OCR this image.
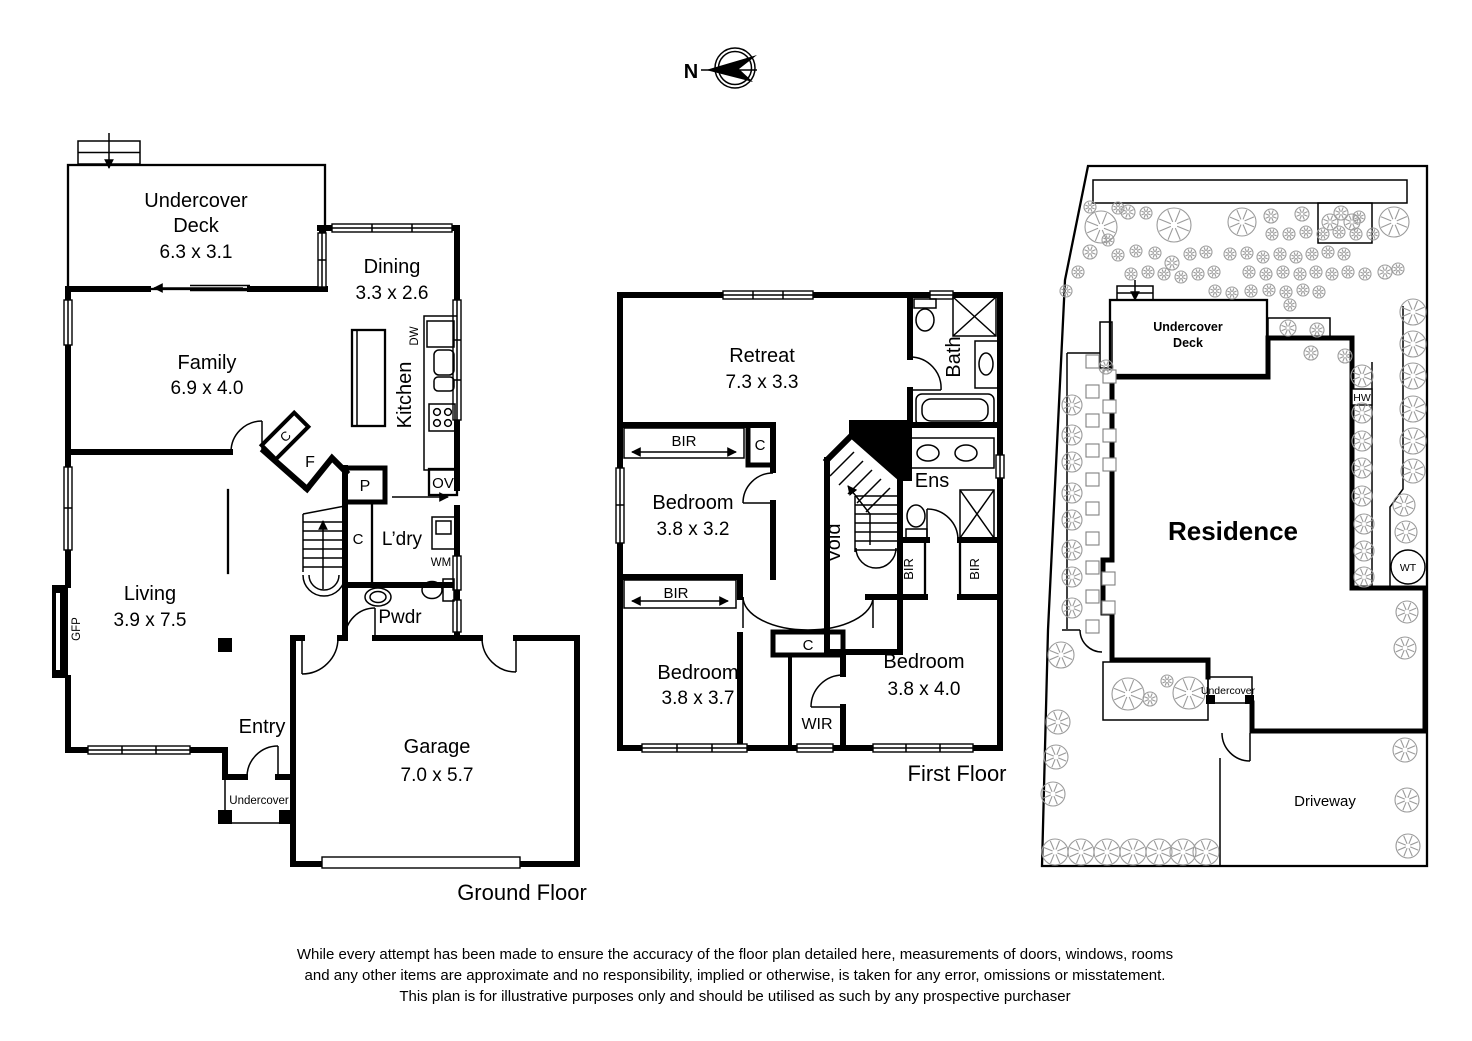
N
C
Undercover
Deck
6.3 x 3.1
Dining
3.3 x 2.6
Family
6.9 x 4.0	Kitchen
DW
OV
P
F
C L’dry
WM
Pwdr
Living
3.9 x 7.5
GFP
Entry
Undercover
Garage
7.0 x 5.7
Ground Floor
Retreat
7.3 x 3.3
Bath
BIR	C
Bedroom
3.8 x 3.2
Ens
Void
BIR	BIR
BIR
Bedroom
3.8 x 3.7
C
WIR
Bedroom
3.8 x 4.0
First Floor
Undercover
Deck
Residence
HW
WT
Undercover
Driveway
While every attempt has been made to ensure the accuracy of the floor plan detailed here, measurements of doors, windows, rooms
and any other items are approximate and no responsibility, implied or otherwise, is taken for any error, omissions or misstatement.
This plan is for illustrative purposes only and should be utilised as such by any prospective purchaser
